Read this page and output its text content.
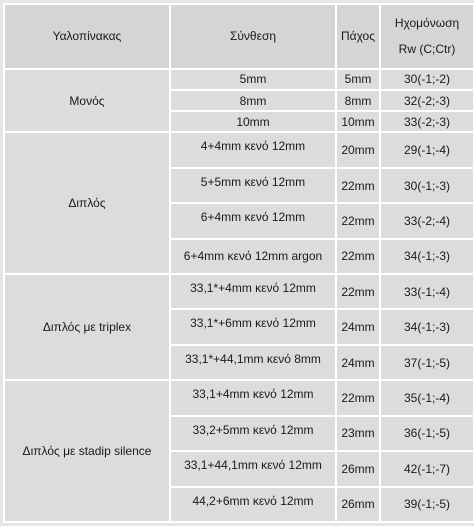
Υαλοπίνακας	Σύνθεση	Πάχος	Ηχομόνωση
Rw (C;Ctr)

Μονός	5mm	5mm	30(-1;-2)
	8mm	8mm	32(-2;-3)
	10mm	10mm	33(-2;-3)
Διπλός	4+4mm κενό 12mm	20mm	29(-1;-4)
	5+5mm κενό 12mm	22mm	30(-1;-3)
	6+4mm κενό 12mm	22mm	33(-2;-4)
	6+4mm κενό 12mm argon	22mm	34(-1;-3)
Διπλός με triplex	33,1*+4mm κενό 12mm	22mm	33(-1;-4)
	33,1*+6mm κενό 12mm	24mm	34(-1;-3)
	33,1*+44,1mm κενό 8mm	24mm	37(-1;-5)
Διπλός με stadip silence	33,1+4mm κενό 12mm	22mm	35(-1;-4)
	33,2+5mm κενό 12mm	23mm	36(-1;-5)
	33,1+44,1mm κενό 12mm	26mm	42(-1;-7)
	44,2+6mm κενό 12mm	26mm	39(-1;-5)
